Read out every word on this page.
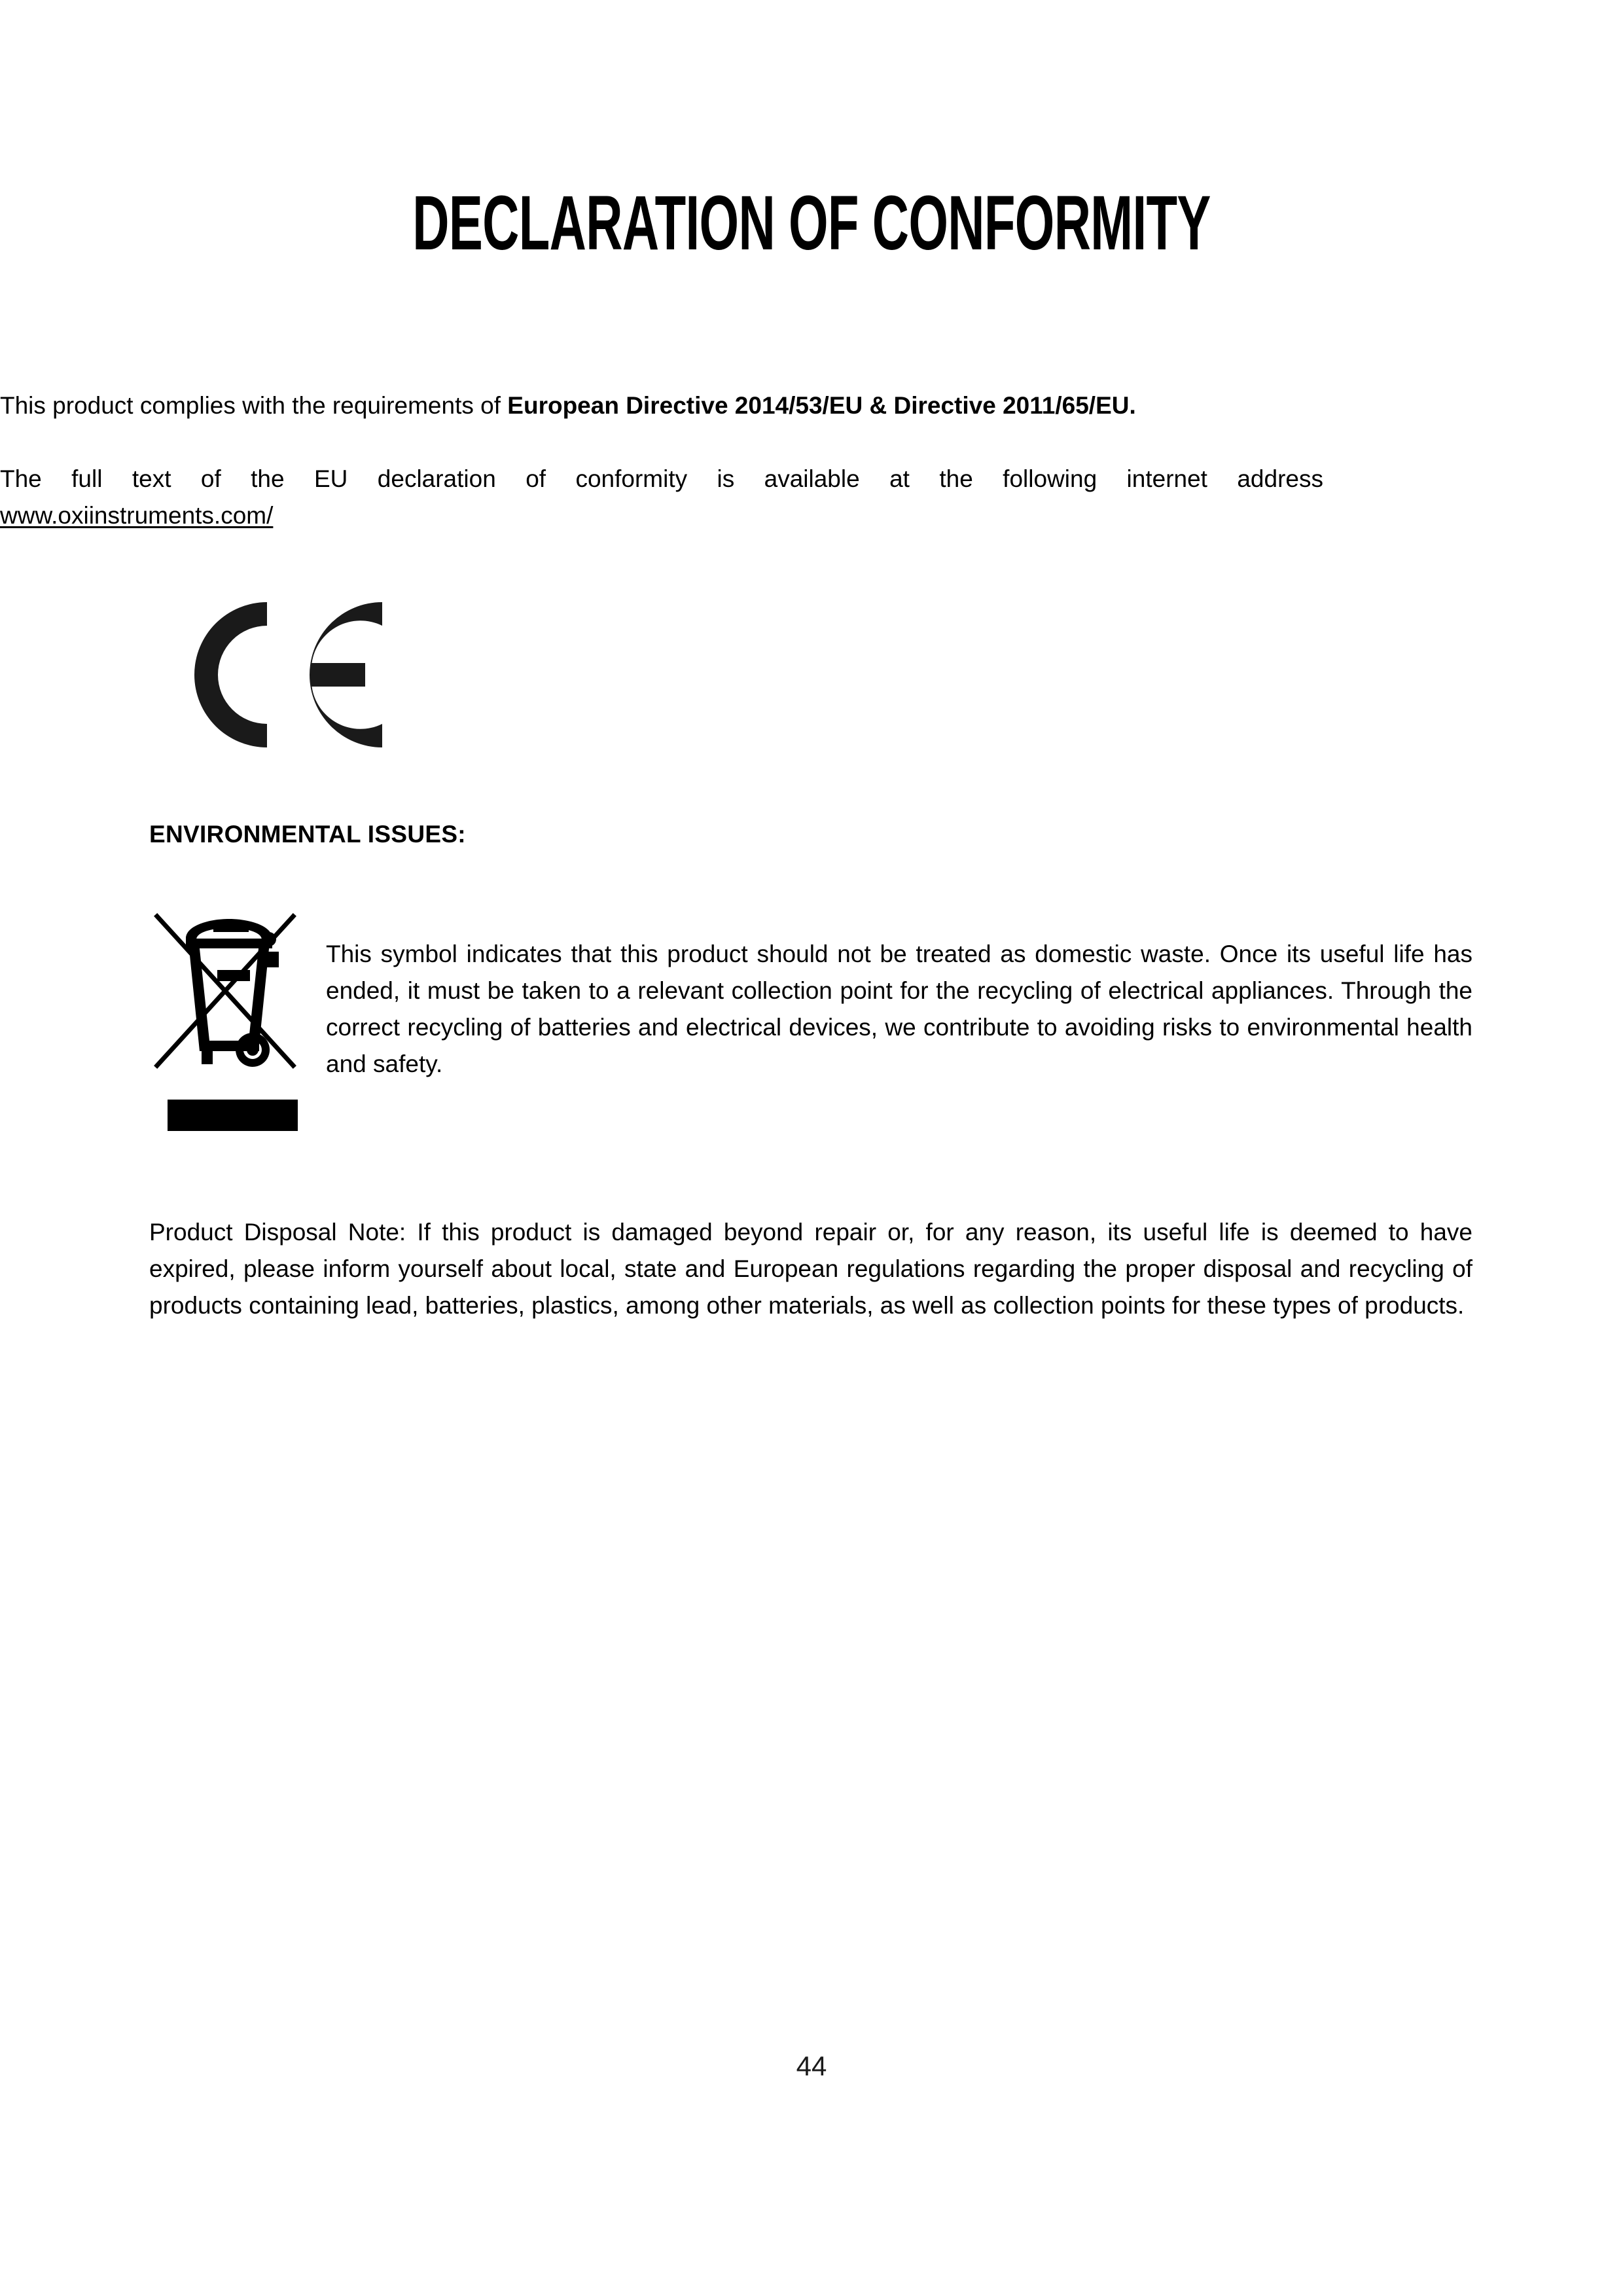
DECLARATION OF CONFORMITY

This product complies with the requirements of European Directive 2014/53/EU & Directive 2011/65/EU.

The full text of the EU declaration of conformity is available at the following internet address

www.oxiinstruments.com/
ENVIRONMENTAL ISSUES:

This symbol indicates that this product should not be treated as domestic waste. Once its useful life has ended, it must be taken to a relevant collection point for the recycling of electrical appliances. Through the correct recycling of batteries and electrical devices, we contribute to avoiding risks to environmental health and safety.

Product Disposal Note: If this product is damaged beyond repair or, for any reason, its useful life is deemed to have expired, please inform yourself about local, state and European regulations regarding the proper disposal and recycling of products containing lead, batteries, plastics, among other materials, as well as collection points for these types of products.

44
